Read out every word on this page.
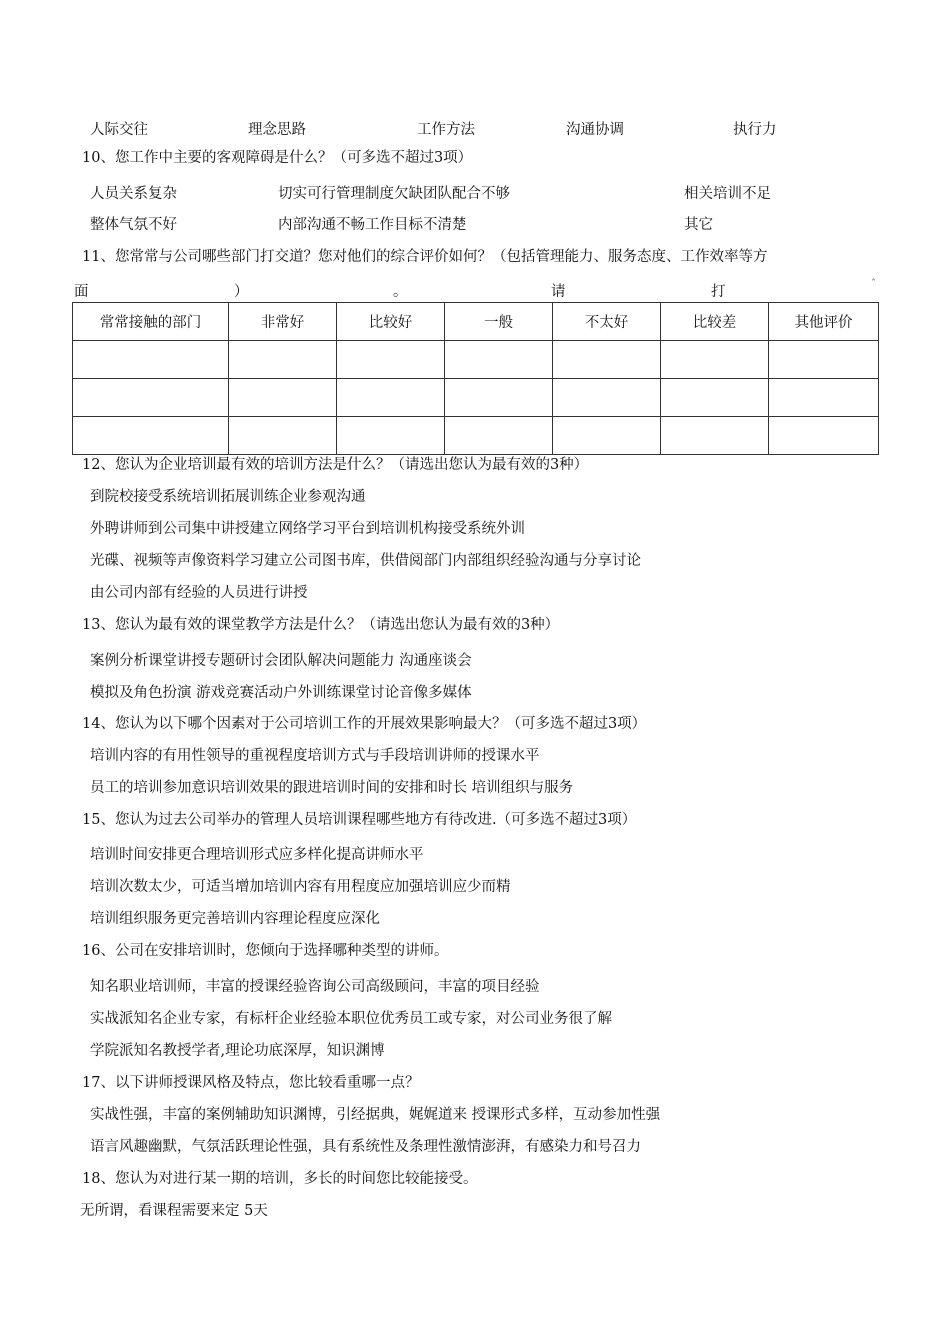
人际交往	理念思路	工作方法	沟通协调	执行力
10、您工作中主要的客观障碍是什么？（可多选不超过3项）
人员关系复杂	切实可行管理制度欠缺团队配合不够	相关培训不足
整体气氛不好	内部沟通不畅工作目标不清楚	其它
11、您常常与公司哪些部门打交道？您对他们的综合评价如何？（包括管理能力、服务态度、工作效率等方
面	）	。	请	打	ˆ
常常接触的部门	非常好	比较好	一般	不太好	比较差	其他评价

12、您认为企业培训最有效的培训方法是什么？（请选出您认为最有效的3种）
到院校接受系统培训拓展训练企业参观沟通
外聘讲师到公司集中讲授建立网络学习平台到培训机构接受系统外训
光碟、视频等声像资料学习建立公司图书库，供借阅部门内部组织经验沟通与分享讨论
由公司内部有经验的人员进行讲授
13、您认为最有效的课堂教学方法是什么？（请选出您认为最有效的3种）
案例分析课堂讲授专题研讨会团队解决问题能力 沟通座谈会
模拟及角色扮演 游戏竞赛活动户外训练课堂讨论音像多媒体
14、您认为以下哪个因素对于公司培训工作的开展效果影响最大？（可多选不超过3项）
培训内容的有用性领导的重视程度培训方式与手段培训讲师的授课水平
员工的培训参加意识培训效果的跟进培训时间的安排和时长 培训组织与服务
15、您认为过去公司举办的管理人员培训课程哪些地方有待改进.（可多选不超过3项）
培训时间安排更合理培训形式应多样化提高讲师水平
培训次数太少，可适当增加培训内容有用程度应加强培训应少而精
培训组织服务更完善培训内容理论程度应深化
16、公司在安排培训时，您倾向于选择哪种类型的讲师。
知名职业培训师，丰富的授课经验咨询公司高级顾问，丰富的项目经验
实战派知名企业专家，有标杆企业经验本职位优秀员工或专家，对公司业务很了解
学院派知名教授学者,理论功底深厚，知识渊博
17、以下讲师授课风格及特点，您比较看重哪一点？
实战性强，丰富的案例辅助知识渊博，引经据典，娓娓道来 授课形式多样，互动参加性强
语言风趣幽默，气氛活跃理论性强，具有系统性及条理性激情澎湃，有感染力和号召力
18、您认为对进行某一期的培训，多长的时间您比较能接受。
无所谓，看课程需要来定 5天
